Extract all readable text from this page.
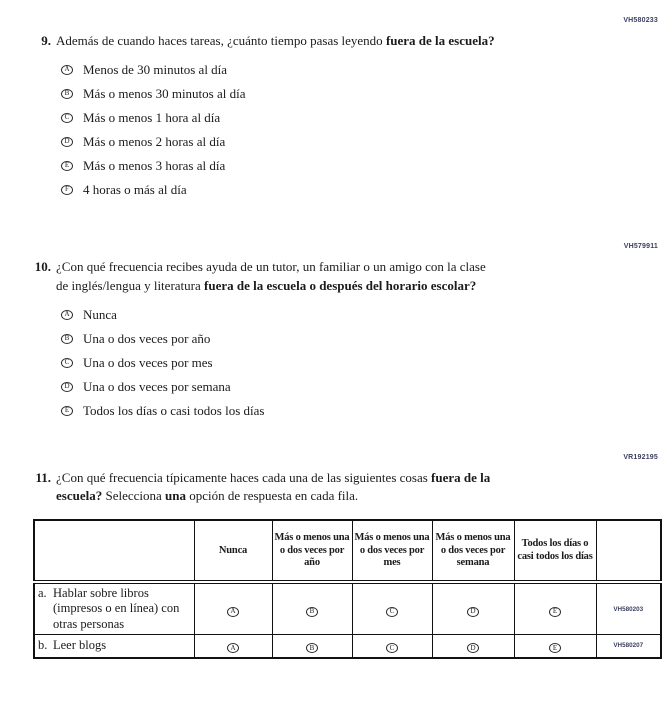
VH580233
9. Además de cuando haces tareas, ¿cuánto tiempo pasas leyendo fuera de la escuela?

A Menos de 30 minutos al día
B Más o menos 30 minutos al día
C Más o menos 1 hora al día
D Más o menos 2 horas al día
E Más o menos 3 horas al día
F	4 horas o más al día
VH579911
10. ¿Con qué frecuencia recibes ayuda de un tutor, un familiar o un amigo con la clase
de inglés/lengua y literatura fuera de la escuela o después del horario escolar?

A Nunca
B Una o dos veces por año
C Una o dos veces por mes
D Una o dos veces por semana
E Todos los días o casi todos los días
VR192195
11. ¿Con qué frecuencia típicamente haces cada una de las siguientes cosas fuera de la
escuela? Selecciona una opción de respuesta en cada fila.

	Nunca	Más o menos una o dos veces por año	Más o menos una o dos veces por mes	Más o menos una o dos veces por semana	Todos los días o casi todos los días	

a. Hablar sobre libros (impresos o en línea) con otras personas	A	B	C	D	E	VH580203

b. Leer blogs	A	B	C	D	E	VH580207
